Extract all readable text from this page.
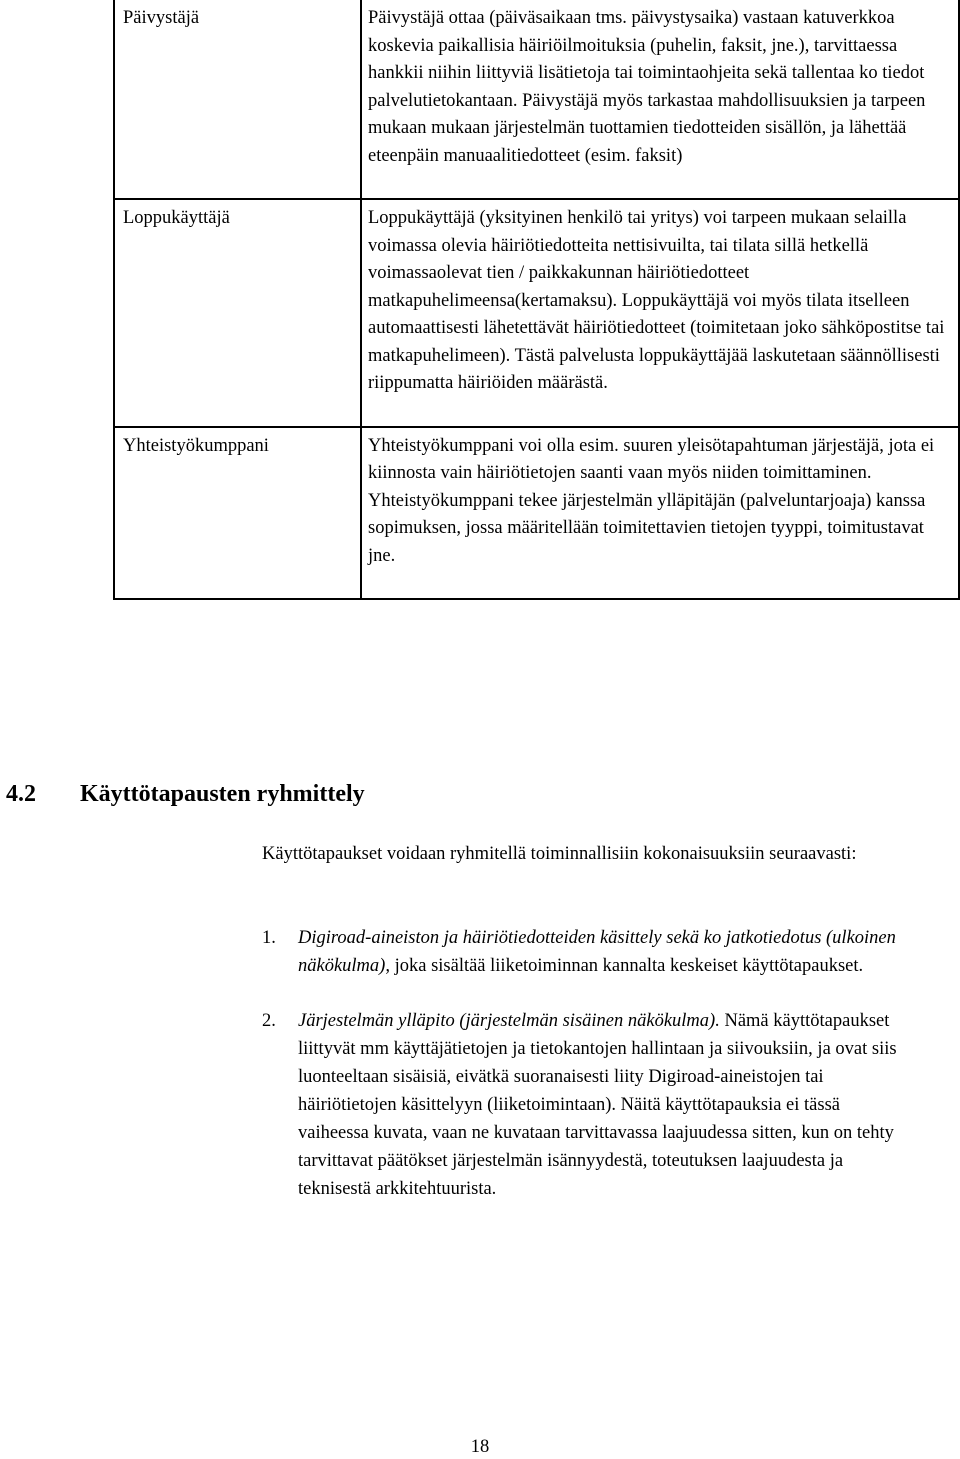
Päivystäjä	Päivystäjä ottaa (päiväsaikaan tms. päivystysaika) vastaan katuverkkoa koskevia paikallisia häiriöilmoituksia (puhelin, faksit, jne.), tarvittaessa hankkii niihin liittyviä lisätietoja tai toimintaohjeita sekä tallentaa ko tiedot palvelutietokantaan. Päivystäjä myös tarkastaa mahdollisuuksien ja tarpeen mukaan mukaan järjestelmän tuottamien tiedotteiden sisällön, ja lähettää eteenpäin manuaalitiedotteet (esim. faksit)

Loppukäyttäjä	Loppukäyttäjä (yksityinen henkilö tai yritys) voi tarpeen mukaan selailla voimassa olevia häiriötiedotteita nettisivuilta, tai tilata sillä hetkellä voimassaolevat tien / paikkakunnan häiriötiedotteet matkapuhelimeensa(kertamaksu). Loppukäyttäjä voi myös tilata itselleen automaattisesti lähetettävät häiriötiedotteet (toimitetaan joko sähköpostitse tai matkapuhelimeen). Tästä palvelusta loppukäyttäjää laskutetaan säännöllisesti riippumatta häiriöiden määrästä.

Yhteistyökumppani	Yhteistyökumppani voi olla esim. suuren yleisötapahtuman järjestäjä, jota ei kiinnosta vain häiriötietojen saanti vaan myös niiden toimittaminen. Yhteistyökumppani tekee järjestelmän ylläpitäjän (palveluntarjoaja) kanssa sopimuksen, jossa määritellään toimitettavien tietojen tyyppi, toimitustavat jne.

4.2 Käyttötapausten ryhmittely

Käyttötapaukset voidaan ryhmitellä toiminnallisiin kokonaisuuksiin seuraavasti:

1.	Digiroad-aineiston ja häiriötiedotteiden käsittely sekä ko jatkotiedotus (ulkoinen näkökulma), joka sisältää liiketoiminnan kannalta keskeiset käyttötapaukset.
2.	Järjestelmän ylläpito (järjestelmän sisäinen näkökulma). Nämä käyttötapaukset liittyvät mm käyttäjätietojen ja tietokantojen hallintaan ja siivouksiin, ja ovat siis luonteeltaan sisäisiä, eivätkä suoranaisesti liity Digiroad-aineistojen tai häiriötietojen käsittelyyn (liiketoimintaan). Näitä käyttötapauksia ei tässä vaiheessa kuvata, vaan ne kuvataan tarvittavassa laajuudessa sitten, kun on tehty tarvittavat päätökset järjestelmän isännyydestä, toteutuksen laajuudesta ja teknisestä arkkitehtuurista.
18
